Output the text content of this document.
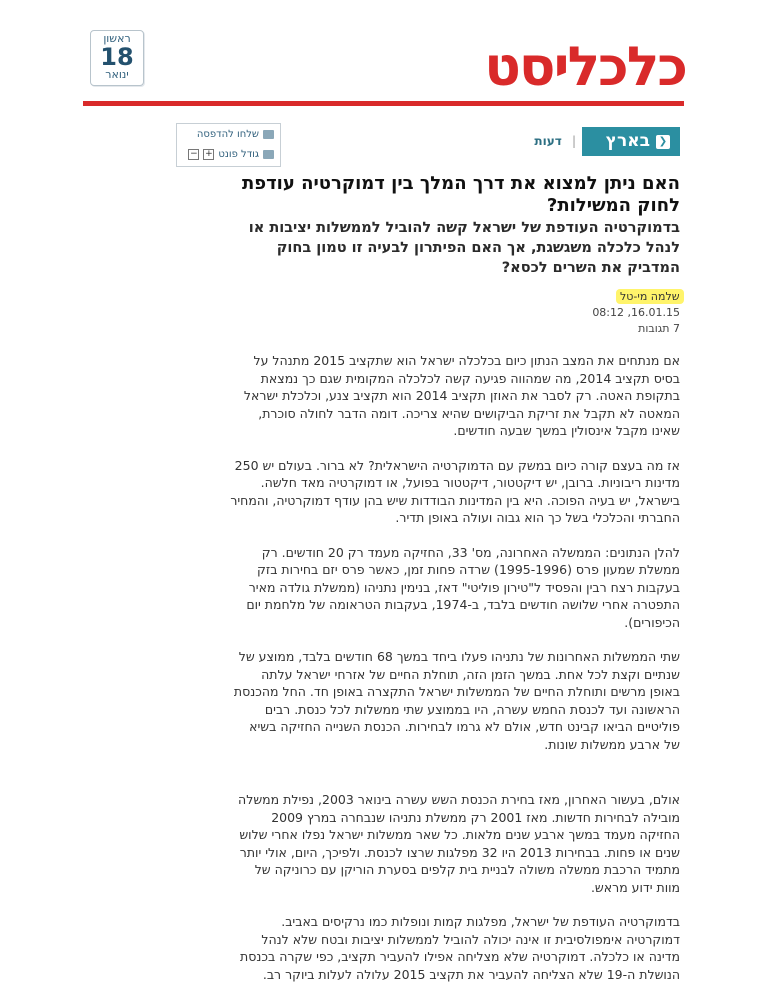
כלכליסט
ראשון
18
ינואר
❮
בארץ
| דעות
שלחו להדפסה
גודל פונט
+
−
האם ניתן למצוא את דרך המלך בין דמוקרטיה עודפת לחוק המשילות?
בדמוקרטיה העודפת של ישראל קשה להוביל לממשלות יציבות או לנהל כלכלה משגשגת, אך האם הפיתרון לבעיה זו טמון בחוק המדביק את השרים לכסא?
שלמה מי-טל
16.01.15, 08:12
7 תגובות

אם מנתחים את המצב הנתון כיום בכלכלה ישראל הוא שתקציב 2015 מתנהל על בסיס תקציב 2014, מה שמהווה פגיעה קשה לכלכלה המקומית שגם כך נמצאת בתקופת האטה. רק לסבר את האוזן תקציב 2014 הוא תקציב צנע, וכלכלת ישראל המאטה לא תקבל את זריקת הביקושים שהיא צריכה. דומה הדבר לחולה סוכרת, שאינו מקבל אינסולין במשך שבעה חודשים.

אז מה בעצם קורה כיום במשק עם הדמוקרטיה הישראלית? לא ברור. בעולם יש 250 מדינות ריבוניות. ברובן, יש דיקטטור, דיקטטור בפועל, או דמוקרטיה מאד חלשה. בישראל, יש בעיה הפוכה. היא בין המדינות הבודדות שיש בהן עודף דמוקרטיה, והמחיר החברתי והכלכלי בשל כך הוא גבוה ועולה באופן תדיר.

להלן הנתונים: הממשלה האחרונה, מס' 33, החזיקה מעמד רק 20 חודשים. רק ממשלת שמעון פרס (1995-1996) שרדה פחות זמן, כאשר פרס יזם בחירות בזק בעקבות רצח רבין והפסיד ל"טירון פוליטי" דאז, בנימין נתניהו (ממשלת גולדה מאיר התפטרה אחרי שלושה חודשים בלבד, ב-1974, בעקבות הטראומה של מלחמת יום הכיפורים).

שתי הממשלות האחרונות של נתניהו פעלו ביחד במשך 68 חודשים בלבד, ממוצע של שנתיים וקצת לכל אחת. במשך הזמן הזה, תוחלת החיים של אזרחי ישראל עלתה באופן מרשים ותוחלת החיים של הממשלות ישראל התקצרה באופן חד. החל מהכנסת הראשונה ועד לכנסת החמש עשרה, היו בממוצע שתי ממשלות לכל כנסת. רבים פוליטיים הביאו קבינט חדש, אולם לא גרמו לבחירות. הכנסת השנייה החזיקה בשיא של ארבע ממשלות שונות.

אולם, בעשור האחרון, מאז בחירת הכנסת השש עשרה בינואר 2003, נפילת ממשלה מובילה לבחירות חדשות. מאז 2001 רק ממשלת נתניהו שנבחרה במרץ 2009 החזיקה מעמד במשך ארבע שנים מלאות. כל שאר ממשלות ישראל נפלו אחרי שלוש שנים או פחות. בבחירות 2013 היו 32 מפלגות שרצו לכנסת. ולפיכך, היום, אולי יותר מתמיד הרכבת ממשלה משולה לבניית בית קלפים בסערת הוריקן עם כרוניקה של מוות ידוע מראש.

בדמוקרטיה העודפת של ישראל, מפלגות קמות ונופלות כמו נרקיסים באביב. דמוקרטיה אימפולסיבית זו אינה יכולה להוביל לממשלות יציבות ובטח שלא לנהל מדינה או כלכלה. דמוקרטיה שלא מצליחה אפילו להעביר תקציב, כפי שקרה בכנסת הנושלת ה-19 שלא הצליחה להעביר את תקציב 2015 עלולה לעלות ביוקר רב.
